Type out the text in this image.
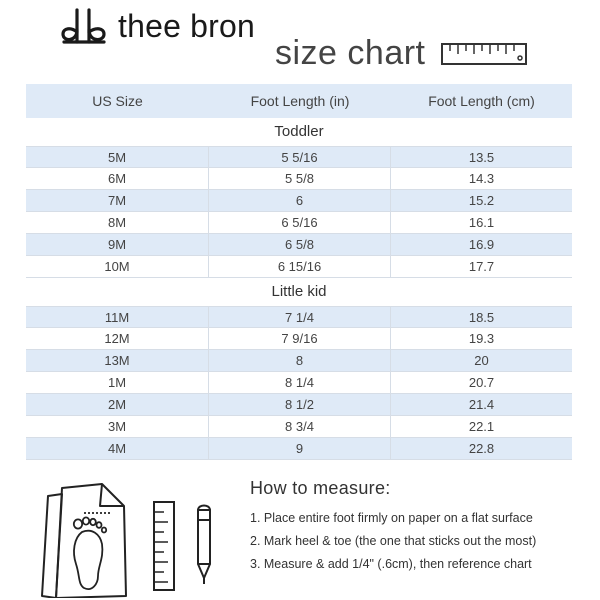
thee bron
size chart
US Size	Foot Length (in)	Foot Length (cm)
Toddler
5M	5 5/16	13.5
6M	5 5/8	14.3
7M	6	15.2
8M	6 5/16	16.1
9M	6 5/8	16.9
10M	6 15/16	17.7
Little kid
11M	7 1/4	18.5
12M	7 9/16	19.3
13M	8	20
1M	8 1/4	20.7
2M	8 1/2	21.4
3M	8 3/4	22.1
4M	9	22.8
How to measure:
1. Place entire foot firmly on paper on a flat surface
2. Mark heel & toe (the one that sticks out the most)
3. Measure & add 1/4" (.6cm), then reference chart
